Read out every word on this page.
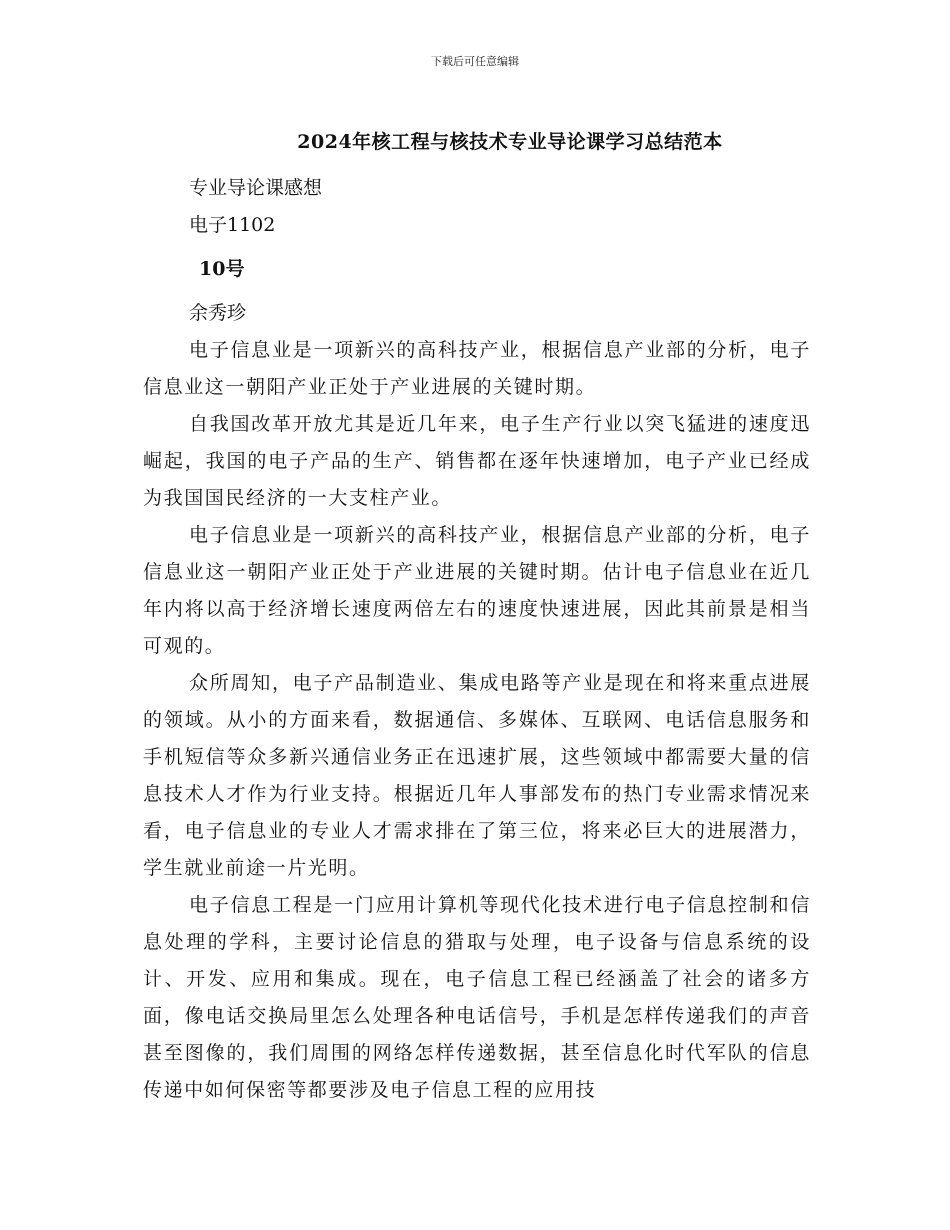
下载后可任意编辑
2024年核工程与核技术专业导论课学习总结范本
专业导论课感想
电子1102
10号
余秀珍

电子信息业是一项新兴的高科技产业，根据信息产业部的分析，电子信息业这一朝阳产业正处于产业进展的关键时期。

自我国改革开放尤其是近几年来，电子生产行业以突飞猛进的速度迅崛起，我国的电子产品的生产、销售都在逐年快速增加，电子产业已经成为我国国民经济的一大支柱产业。

电子信息业是一项新兴的高科技产业，根据信息产业部的分析，电子信息业这一朝阳产业正处于产业进展的关键时期。估计电子信息业在近几年内将以高于经济增长速度两倍左右的速度快速进展，因此其前景是相当可观的。

众所周知，电子产品制造业、集成电路等产业是现在和将来重点进展的领域。从小的方面来看，数据通信、多媒体、互联网、电话信息服务和手机短信等众多新兴通信业务正在迅速扩展，这些领域中都需要大量的信息技术人才作为行业支持。根据近几年人事部发布的热门专业需求情况来看，电子信息业的专业人才需求排在了第三位，将来必巨大的进展潜力，学生就业前途一片光明。

电子信息工程是一门应用计算机等现代化技术进行电子信息控制和信息处理的学科，主要讨论信息的猎取与处理，电子设备与信息系统的设计、开发、应用和集成。现在，电子信息工程已经涵盖了社会的诸多方面，像电话交换局里怎么处理各种电话信号，手机是怎样传递我们的声音甚至图像的，我们周围的网络怎样传递数据，甚至信息化时代军队的信息传递中如何保密等都要涉及电子信息工程的应用技
